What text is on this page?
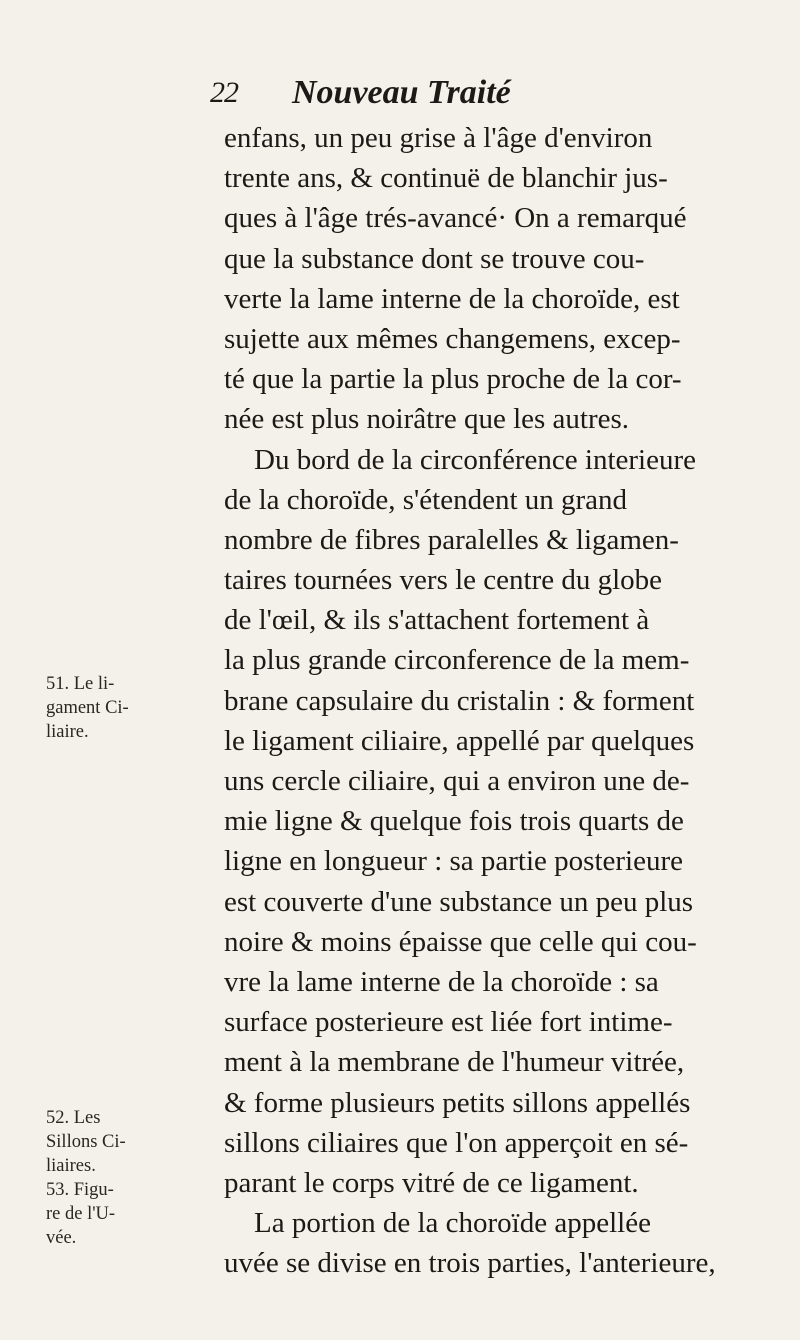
22 Nouveau Traité
enfans, un peu grise à l'âge d'environ
trente ans, & continuë de blanchir jus-
ques à l'âge trés-avancé· On a remarqué
que la substance dont se trouve cou-
verte la lame interne de la choroïde, est
sujette aux mêmes changemens, excep-
té que la partie la plus proche de la cor-
née est plus noirâtre que les autres.
Du bord de la circonférence interieure
de la choroïde, s'étendent un grand
nombre de fibres paralelles & ligamen-
taires tournées vers le centre du globe
de l'œil, & ils s'attachent fortement à
la plus grande circonference de la mem-
brane capsulaire du cristalin : & forment
le ligament ciliaire, appellé par quelques
uns cercle ciliaire, qui a environ une de-
mie ligne & quelque fois trois quarts de
ligne en longueur : sa partie posterieure
est couverte d'une substance un peu plus
noire & moins épaisse que celle qui cou-
vre la lame interne de la choroïde : sa
surface posterieure est liée fort intime-
ment à la membrane de l'humeur vitrée,
& forme plusieurs petits sillons appellés
sillons ciliaires que l'on apperçoit en sé-
parant le corps vitré de ce ligament.
La portion de la choroïde appellée
uvée se divise en trois parties, l'anterieure,
51. Le li-
gament Ci-
liaire.
52. Les
Sillons Ci-
liaires.
53. Figu-
re de l'U-
vée.
